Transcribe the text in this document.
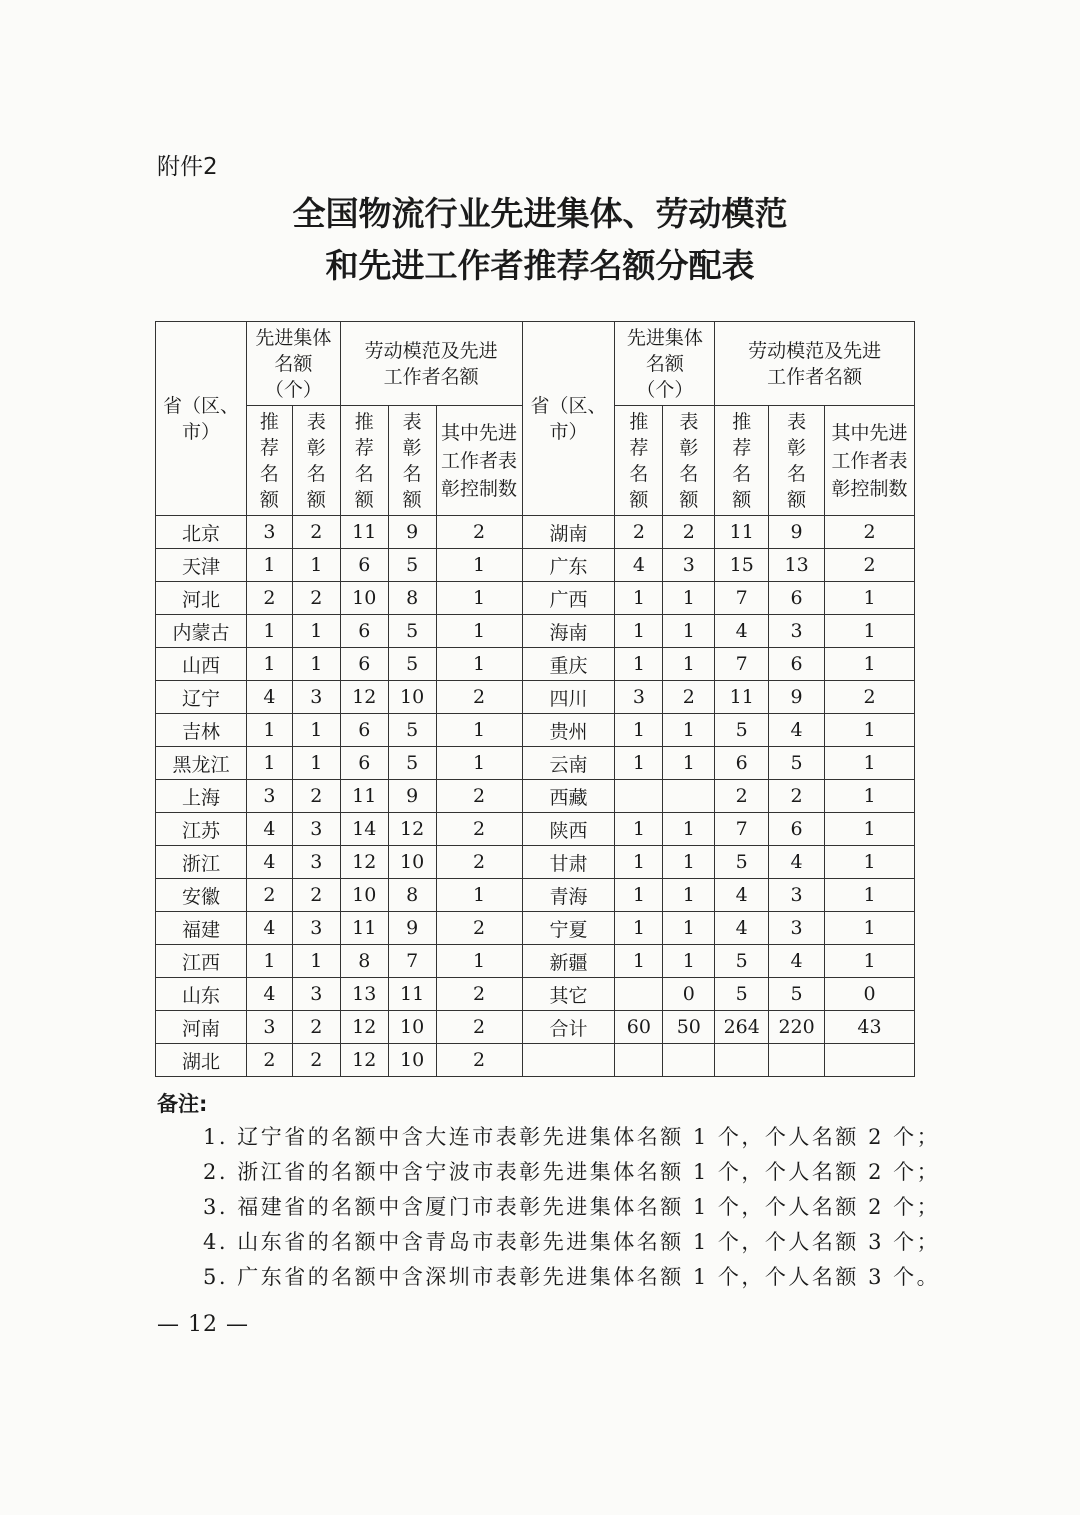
附件2
全国物流行业先进集体、劳动模范
和先进工作者推荐名额分配表
省（区、市）	先进集体名额（个）		劳动模范及先进工作者名额			省（区、市）	先进集体名额（个）		劳动模范及先进工作者名额		
	推荐名额	表彰名额	推荐名额	表彰名额	其中先进工作者表彰控制数		推荐名额	表彰名额	推荐名额	表彰名额	其中先进工作者表彰控制数
北京	3	2	11	9	2	湖南	2	2	11	9	2
天津	1	1	6	5	1	广东	4	3	15	13	2
河北	2	2	10	8	1	广西	1	1	7	6	1
内蒙古	1	1	6	5	1	海南	1	1	4	3	1
山西	1	1	6	5	1	重庆	1	1	7	6	1
辽宁	4	3	12	10	2	四川	3	2	11	9	2
吉林	1	1	6	5	1	贵州	1	1	5	4	1
黑龙江	1	1	6	5	1	云南	1	1	6	5	1
上海	3	2	11	9	2	西藏			2	2	1
江苏	4	3	14	12	2	陕西	1	1	7	6	1
浙江	4	3	12	10	2	甘肃	1	1	5	4	1
安徽	2	2	10	8	1	青海	1	1	4	3	1
福建	4	3	11	9	2	宁夏	1	1	4	3	1
江西	1	1	8	7	1	新疆	1	1	5	4	1
山东	4	3	13	11	2	其它		0	5	5	0
河南	3	2	12	10	2	合计	60	50	264	220	43
湖北	2	2	12	10	2						
备注:
1. 辽宁省的名额中含大连市表彰先进集体名额 1 个，个人名额 2 个；
2. 浙江省的名额中含宁波市表彰先进集体名额 1 个，个人名额 2 个；
3. 福建省的名额中含厦门市表彰先进集体名额 1 个，个人名额 2 个；
4. 山东省的名额中含青岛市表彰先进集体名额 1 个，个人名额 3 个；
5. 广东省的名额中含深圳市表彰先进集体名额 1 个，个人名额 3 个。
— 12 —
